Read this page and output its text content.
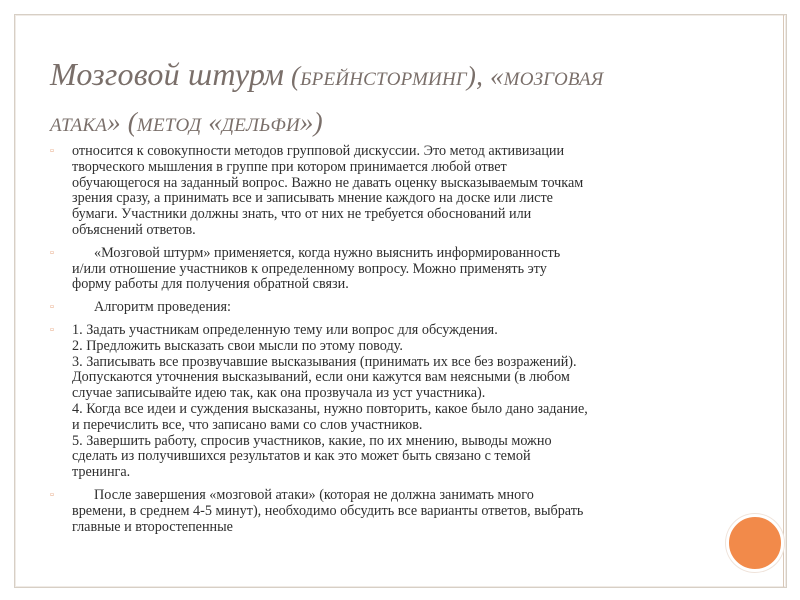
Мозговой штурм (брейнсторминг), «мозговая
атака» (метод «дельфи»)
▫	относится к совокупности методов групповой дискуссии. Это метод активизации
творческого мышления в группе при котором принимается любой ответ
обучающегося на заданный вопрос. Важно не давать оценку высказываемым точкам
зрения сразу, а принимать все и записывать мнение каждого на доске или листе
бумаги. Участники должны знать, что от них не требуется обоснований или
объяснений ответов.
▫	«Мозговой штурм» применяется, когда нужно выяснить информированность
и/или отношение участников к определенному вопросу. Можно применять эту
форму работы для получения обратной связи.
▫	Алгоритм проведения:
▫	1. Задать участникам определенную тему или вопрос для обсуждения.
2. Предложить высказать свои мысли по этому поводу.
3. Записывать все прозвучавшие высказывания (принимать их все без возражений).
Допускаются уточнения высказываний, если они кажутся вам неясными (в любом
случае записывайте идею так, как она прозвучала из уст участника).
4. Когда все идеи и суждения высказаны, нужно повторить, какое было дано задание,
и перечислить все, что записано вами со слов участников.
5. Завершить работу, спросив участников, какие, по их мнению, выводы можно
сделать из получившихся результатов и как это может быть связано с темой
тренинга.
▫	После завершения «мозговой атаки» (которая не должна занимать много
времени, в среднем 4-5 минут), необходимо обсудить все варианты ответов, выбрать
главные и второстепенные
